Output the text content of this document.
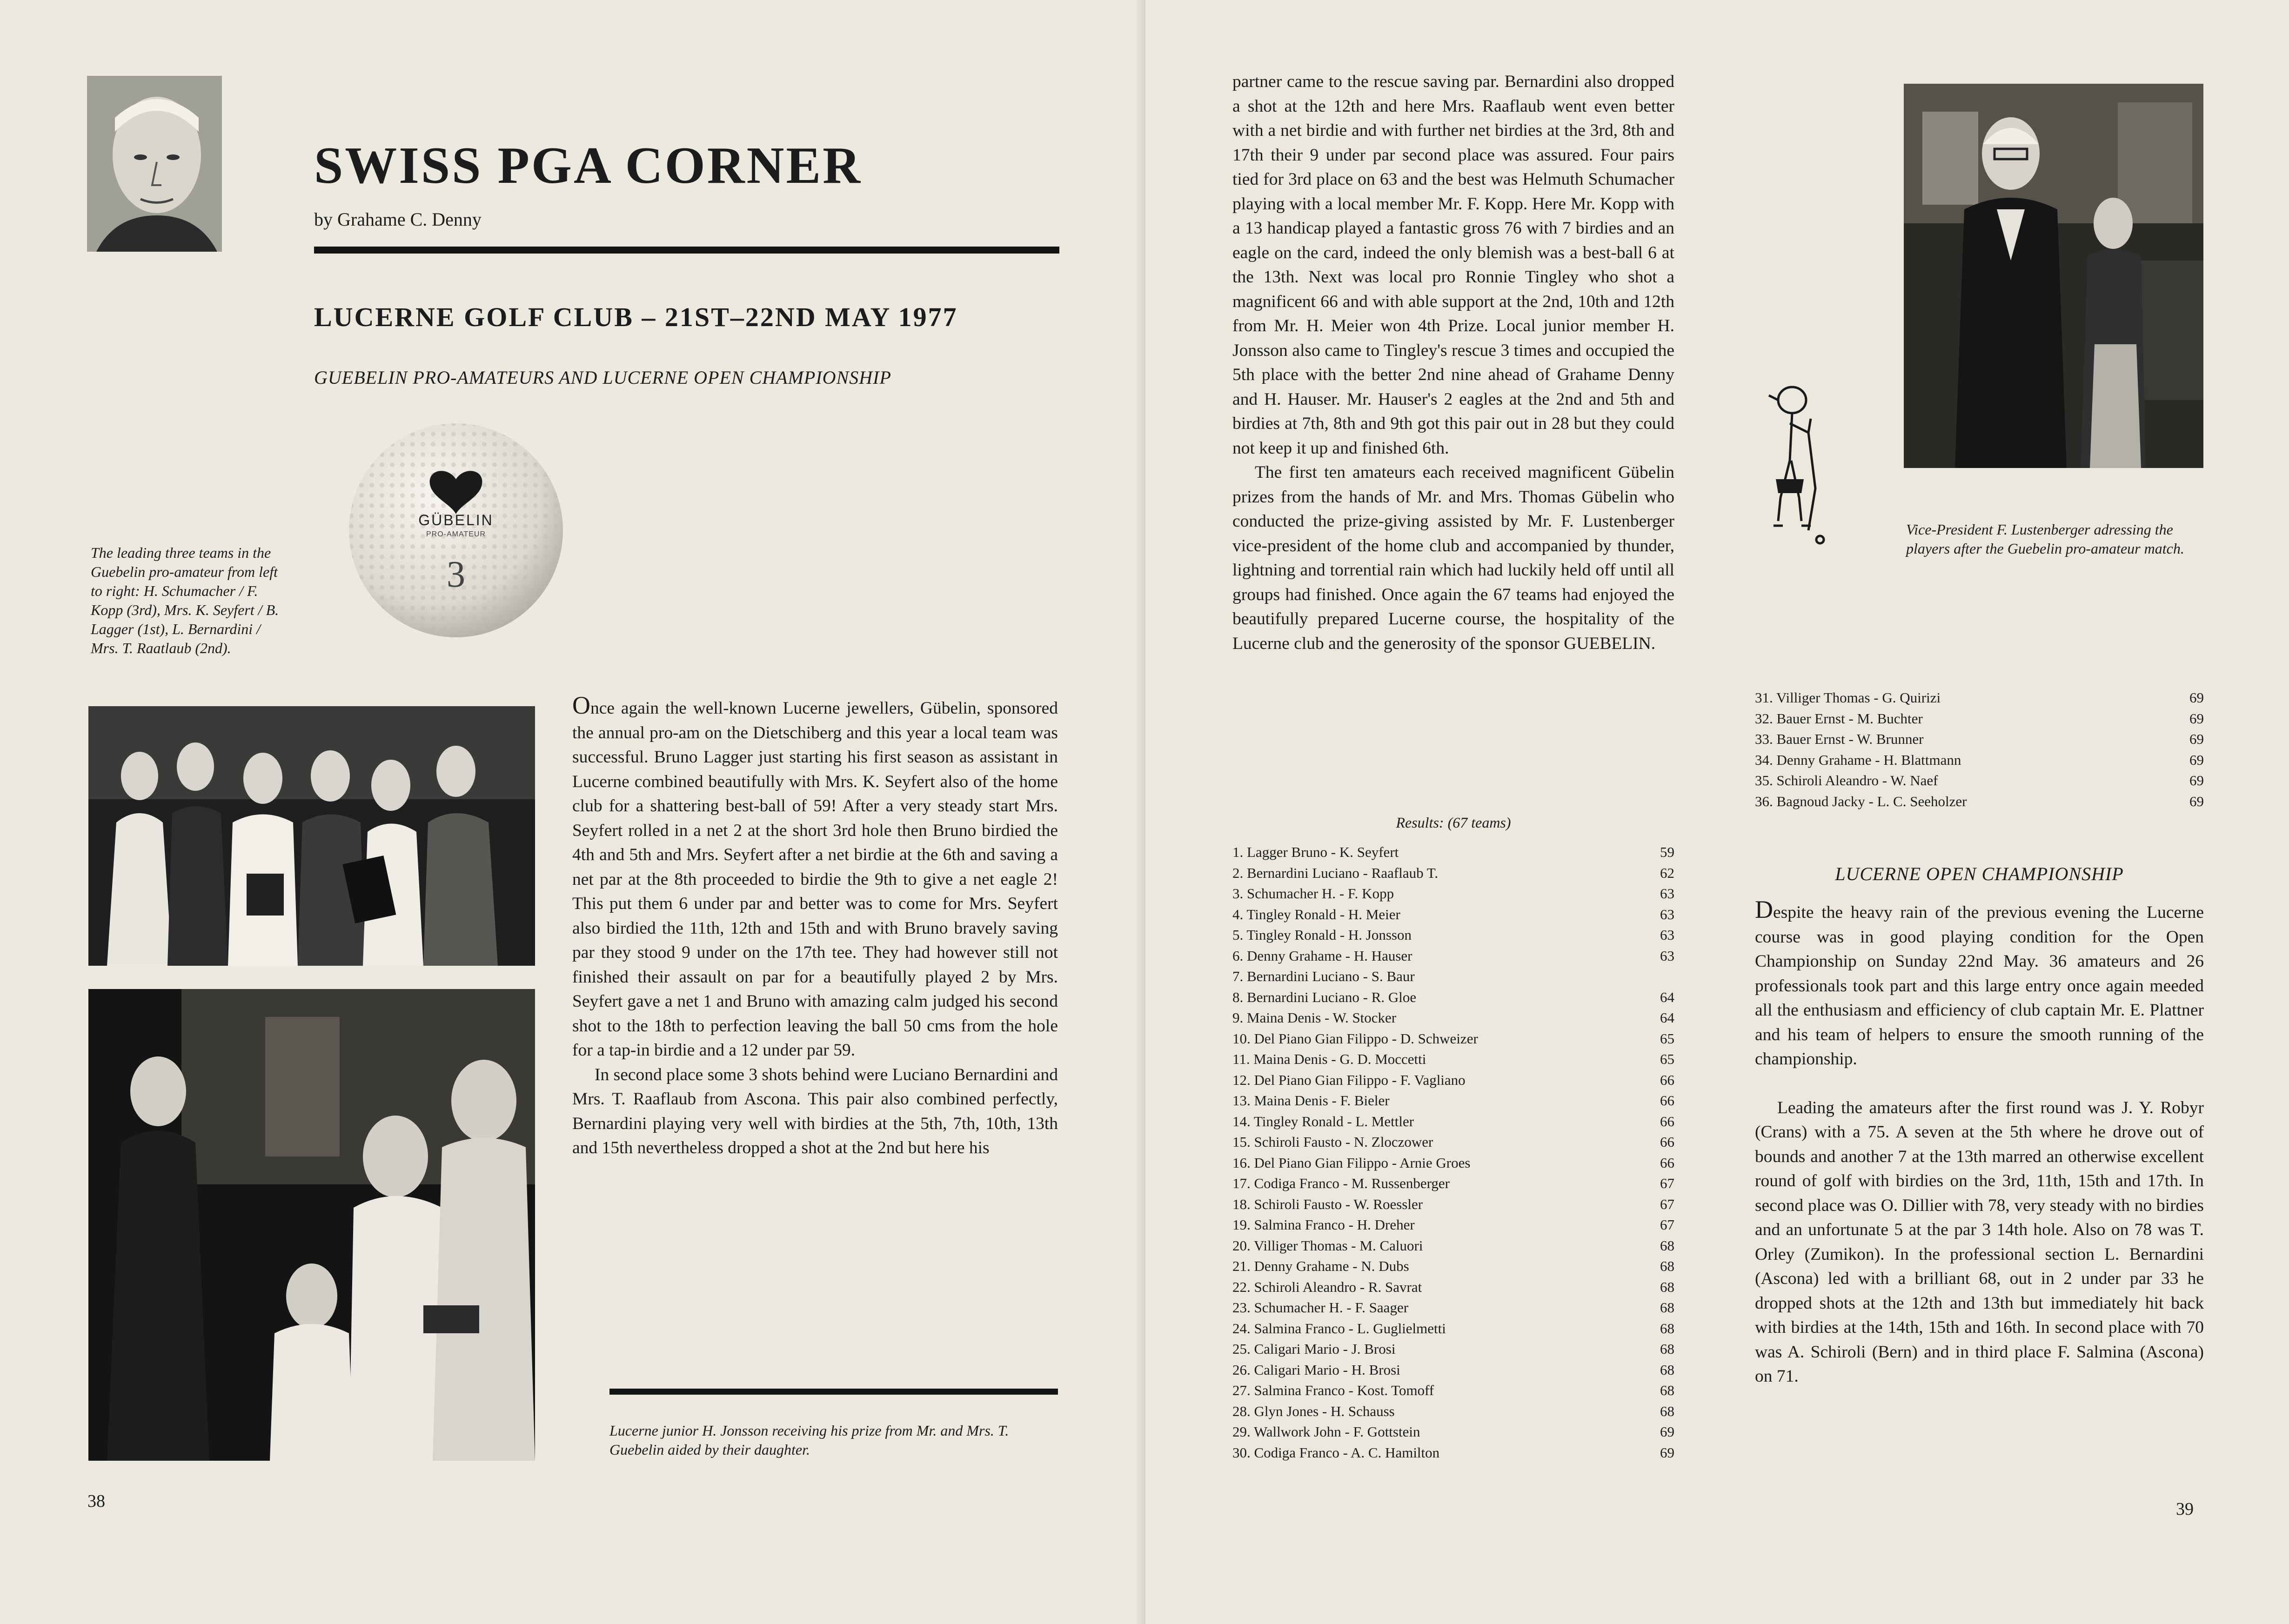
SWISS PGA CORNER
by Grahame C. Denny
LUCERNE GOLF CLUB – 21ST–22ND MAY 1977
GUEBELIN PRO-AMATEURS AND LUCERNE OPEN CHAMPIONSHIP
GÜBELIN
PRO-AMATEUR
3
The leading three teams in the Guebelin pro-amateur from left to right: H. Schumacher / F. Kopp (3rd), Mrs. K. Seyfert / B. Lagger (1st), L. Bernardini / Mrs. T. Raatlaub (2nd).

Once again the well-known Lucerne jewellers, Gübelin, sponsored the annual pro-am on the Dietschiberg and this year a local team was successful. Bruno Lagger just starting his first season as assistant in Lucerne combined beautifully with Mrs. K. Seyfert also of the home club for a shattering best-ball of 59! After a very steady start Mrs. Seyfert rolled in a net 2 at the short 3rd hole then Bruno birdied the 4th and 5th and Mrs. Seyfert after a net birdie at the 6th and saving a net par at the 8th proceeded to birdie the 9th to give a net eagle 2! This put them 6 under par and better was to come for Mrs. Seyfert also birdied the 11th, 12th and 15th and with Bruno bravely saving par they stood 9 under on the 17th tee. They had however still not finished their assault on par for a beautifully played 2 by Mrs. Seyfert gave a net 1 and Bruno with amazing calm judged his second shot to the 18th to perfection leaving the ball 50 cms from the hole for a tap-in birdie and a 12 under par 59.

In second place some 3 shots behind were Luciano Bernardini and Mrs. T. Raaflaub from Ascona. This pair also combined perfectly, Bernardini playing very well with birdies at the 5th, 7th, 10th, 13th and 15th nevertheless dropped a shot at the 2nd but here his

Lucerne junior H. Jonsson receiving his prize from Mr. and Mrs. T. Guebelin aided by their daughter.
38

partner came to the rescue saving par. Bernardini also dropped a shot at the 12th and here Mrs. Raaflaub went even better with a net birdie and with further net birdies at the 3rd, 8th and 17th their 9 under par second place was assured. Four pairs tied for 3rd place on 63 and the best was Helmuth Schumacher playing with a local member Mr. F. Kopp. Here Mr. Kopp with a 13 handicap played a fantastic gross 76 with 7 birdies and an eagle on the card, indeed the only blemish was a best-ball 6 at the 13th. Next was local pro Ronnie Tingley who shot a magnificent 66 and with able support at the 2nd, 10th and 12th from Mr. H. Meier won 4th Prize. Local junior member H. Jonsson also came to Tingley's rescue 3 times and occupied the 5th place with the better 2nd nine ahead of Grahame Denny and H. Hauser. Mr. Hauser's 2 eagles at the 2nd and 5th and birdies at 7th, 8th and 9th got this pair out in 28 but they could not keep it up and finished 6th.

The first ten amateurs each received magnificent Gübelin prizes from the hands of Mr. and Mrs. Thomas Gübelin who conducted the prize-giving assisted by Mr. F. Lustenberger vice-president of the home club and accompanied by thunder, lightning and torrential rain which had luckily held off until all groups had finished. Once again the 67 teams had enjoyed the beautifully prepared Lucerne course, the hospitality of the Lucerne club and the generosity of the sponsor GUEBELIN.

Results: (67 teams)
1. Lagger Bruno - K. Seyfert	59
2. Bernardini Luciano - Raaflaub T.	62
3. Schumacher H. - F. Kopp	63
4. Tingley Ronald - H. Meier	63
5. Tingley Ronald - H. Jonsson	63
6. Denny Grahame - H. Hauser	63
7. Bernardini Luciano - S. Baur
8. Bernardini Luciano - R. Gloe	64
9. Maina Denis - W. Stocker	64
10. Del Piano Gian Filippo - D. Schweizer	65
11. Maina Denis - G. D. Moccetti	65
12. Del Piano Gian Filippo - F. Vagliano	66
13. Maina Denis - F. Bieler	66
14. Tingley Ronald - L. Mettler	66
15. Schiroli Fausto - N. Zloczower	66
16. Del Piano Gian Filippo - Arnie Groes	66
17. Codiga Franco - M. Russenberger	67
18. Schiroli Fausto - W. Roessler	67
19. Salmina Franco - H. Dreher	67
20. Villiger Thomas - M. Caluori	68
21. Denny Grahame - N. Dubs	68
22. Schiroli Aleandro - R. Savrat	68
23. Schumacher H. - F. Saager	68
24. Salmina Franco - L. Guglielmetti	68
25. Caligari Mario - J. Brosi	68
26. Caligari Mario - H. Brosi	68
27. Salmina Franco - Kost. Tomoff	68
28. Glyn Jones - H. Schauss	68
29. Wallwork John - F. Gottstein	69
30. Codiga Franco - A. C. Hamilton	69
Vice-President F. Lustenberger adressing the players after the Guebelin pro-amateur match.
31. Villiger Thomas - G. Quirizi	69
32. Bauer Ernst - M. Buchter	69
33. Bauer Ernst - W. Brunner	69
34. Denny Grahame - H. Blattmann	69
35. Schiroli Aleandro - W. Naef	69
36. Bagnoud Jacky - L. C. Seeholzer	69
LUCERNE OPEN CHAMPIONSHIP

Despite the heavy rain of the previous evening the Lucerne course was in good playing condition for the Open Championship on Sunday 22nd May. 36 amateurs and 26 professionals took part and this large entry once again meeded all the enthusiasm and efficiency of club captain Mr. E. Plattner and his team of helpers to ensure the smooth running of the championship.

Leading the amateurs after the first round was J. Y. Robyr (Crans) with a 75. A seven at the 5th where he drove out of bounds and another 7 at the 13th marred an otherwise excellent round of golf with birdies on the 3rd, 11th, 15th and 17th. In second place was O. Dillier with 78, very steady with no birdies and an unfortunate 5 at the par 3 14th hole. Also on 78 was T. Orley (Zumikon). In the professional section L. Bernardini (Ascona) led with a brilliant 68, out in 2 under par 33 he dropped shots at the 12th and 13th but immediately hit back with birdies at the 14th, 15th and 16th. In second place with 70 was A. Schiroli (Bern) and in third place F. Salmina (Ascona) on 71.

39
